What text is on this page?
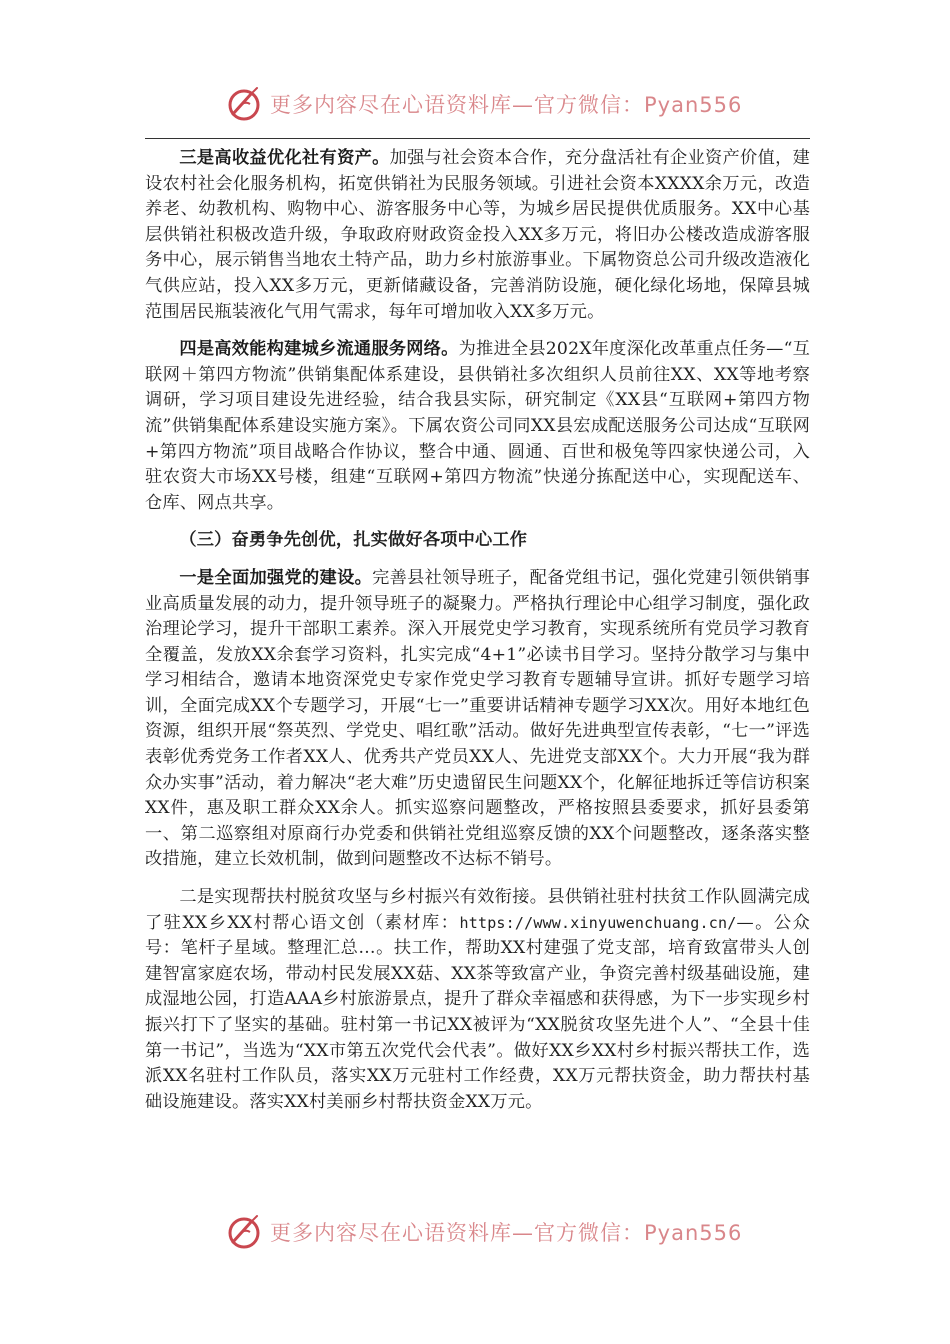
更多内容尽在心语资料库—官方微信：Pyan556

三是高收益优化社有资产。加强与社会资本合作，充分盘活社有企业资产价值，建设农村社会化服务机构，拓宽供销社为民服务领域。引进社会资本XXXX余万元，改造养老、幼教机构、购物中心、游客服务中心等，为城乡居民提供优质服务。XX中心基层供销社积极改造升级，争取政府财政资金投入XX多万元，将旧办公楼改造成游客服务中心，展示销售当地农土特产品，助力乡村旅游事业。下属物资总公司升级改造液化气供应站，投入XX多万元，更新储藏设备，完善消防设施，硬化绿化场地，保障县城范围居民瓶装液化气用气需求，每年可增加收入XX多万元。

四是高效能构建城乡流通服务网络。为推进全县202X年度深化改革重点任务—“互联网＋第四方物流”供销集配体系建设，县供销社多次组织人员前往XX、XX等地考察调研，学习项目建设先进经验，结合我县实际，研究制定《XX县“互联网+第四方物流”供销集配体系建设实施方案》。下属农资公司同XX县宏成配送服务公司达成“互联网+第四方物流”项目战略合作协议，整合中通、圆通、百世和极兔等四家快递公司，入驻农资大市场XX号楼，组建“互联网+第四方物流”快递分拣配送中心，实现配送车、仓库、网点共享。

（三）奋勇争先创优，扎实做好各项中心工作

一是全面加强党的建设。完善县社领导班子，配备党组书记，强化党建引领供销事业高质量发展的动力，提升领导班子的凝聚力。严格执行理论中心组学习制度，强化政治理论学习，提升干部职工素养。深入开展党史学习教育，实现系统所有党员学习教育全覆盖，发放XX余套学习资料，扎实完成“4+1”必读书目学习。坚持分散学习与集中学习相结合，邀请本地资深党史专家作党史学习教育专题辅导宣讲。抓好专题学习培训，全面完成XX个专题学习，开展“七一”重要讲话精神专题学习XX次。用好本地红色资源，组织开展“祭英烈、学党史、唱红歌”活动。做好先进典型宣传表彰，“七一”评选表彰优秀党务工作者XX人、优秀共产党员XX人、先进党支部XX个。大力开展“我为群众办实事”活动，着力解决“老大难”历史遗留民生问题XX个，化解征地拆迁等信访积案XX件，惠及职工群众XX余人。抓实巡察问题整改，严格按照县委要求，抓好县委第一、第二巡察组对原商行办党委和供销社党组巡察反馈的XX个问题整改，逐条落实整改措施，建立长效机制，做到问题整改不达标不销号。

二是实现帮扶村脱贫攻坚与乡村振兴有效衔接。县供销社驻村扶贫工作队圆满完成了驻XX乡XX村帮心语文创（素材库：https://www.xinyuwenchuang.cn/—。公众号：笔杆子星域。整理汇总…。扶工作，帮助XX村建强了党支部，培育致富带头人创建智富家庭农场，带动村民发展XX菇、XX茶等致富产业，争资完善村级基础设施，建成湿地公园，打造AAA乡村旅游景点，提升了群众幸福感和获得感，为下一步实现乡村振兴打下了坚实的基础。驻村第一书记XX被评为“XX脱贫攻坚先进个人”、“全县十佳第一书记”，当选为“XX市第五次党代会代表”。做好XX乡XX村乡村振兴帮扶工作，选派XX名驻村工作队员，落实XX万元驻村工作经费，XX万元帮扶资金，助力帮扶村基础设施建设。落实XX村美丽乡村帮扶资金XX万元。

更多内容尽在心语资料库—官方微信：Pyan556
